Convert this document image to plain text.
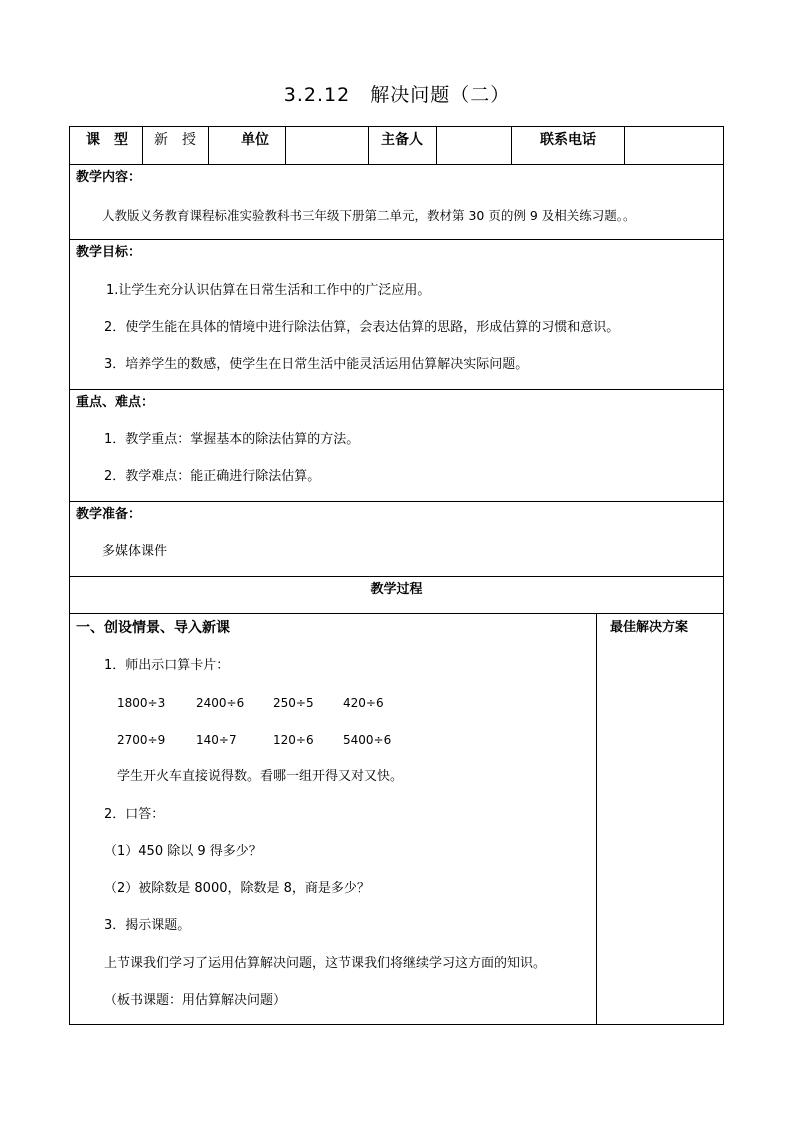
3.2.12　解决问题（二）
课　型 新　授	单位	主备人	联系电话
教学内容：
人教版义务教育课程标准实验教科书三年级下册第二单元，教材第 30 页的例 9 及相关练习题。。
教学目标：
1.让学生充分认识估算在日常生活和工作中的广泛应用。
2．使学生能在具体的情境中进行除法估算，会表达估算的思路，形成估算的习惯和意识。
3．培养学生的数感，使学生在日常生活中能灵活运用估算解决实际问题。
重点、难点：
1．教学重点：掌握基本的除法估算的方法。
2．教学难点：能正确进行除法估算。
教学准备：
多媒体课件
教学过程
一、创设情景、导入新课	最佳解决方案
1．师出示口算卡片：
1800÷3	2400÷6 250÷5 420÷6
2700÷9	140÷7	120÷6 5400÷6
学生开火车直接说得数。看哪一组开得又对又快。
2．口答：
（1）450 除以 9 得多少？
（2）被除数是 8000，除数是 8，商是多少？
3．揭示课题。
上节课我们学习了运用估算解决问题，这节课我们将继续学习这方面的知识。
（板书课题：用估算解决问题）
